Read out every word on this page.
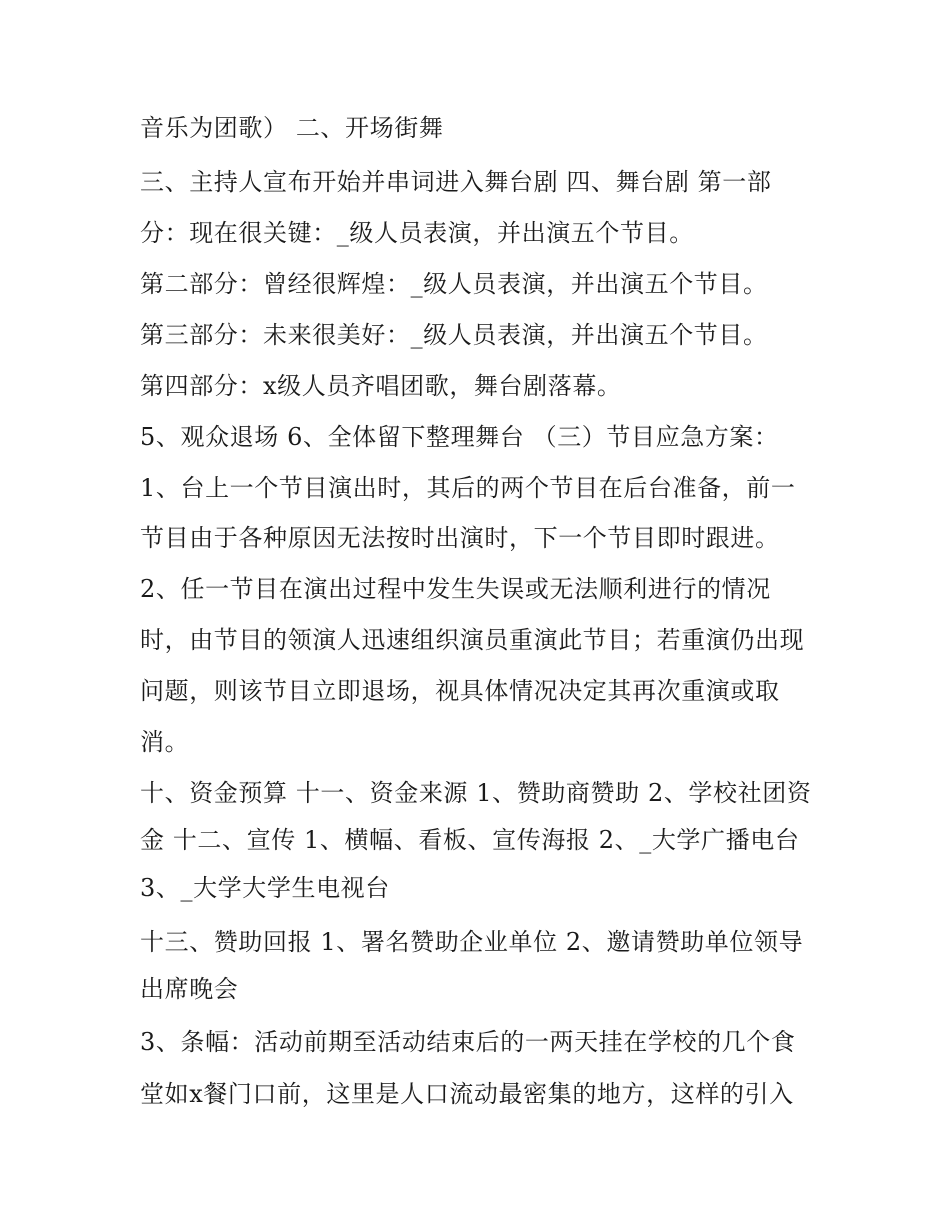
音乐为团歌） 二、开场街舞
三、主持人宣布开始并串词进入舞台剧 四、舞台剧 第一部
分：现在很关键：_级人员表演，并出演五个节目。
第二部分：曾经很辉煌：_级人员表演，并出演五个节目。
第三部分：未来很美好：_级人员表演，并出演五个节目。
第四部分：x级人员齐唱团歌，舞台剧落幕。
5、观众退场 6、全体留下整理舞台 （三）节目应急方案：
1、台上一个节目演出时，其后的两个节目在后台准备，前一
节目由于各种原因无法按时出演时，下一个节目即时跟进。
2、任一节目在演出过程中发生失误或无法顺利进行的情况
时，由节目的领演人迅速组织演员重演此节目；若重演仍出现
问题，则该节目立即退场，视具体情况决定其再次重演或取
消。
十、资金预算 十一、资金来源 1、赞助商赞助 2、学校社团资
金 十二、宣传 1、横幅、看板、宣传海报 2、_大学广播电台
3、_大学大学生电视台
十三、赞助回报 1、署名赞助企业单位 2、邀请赞助单位领导
出席晚会
3、条幅：活动前期至活动结束后的一两天挂在学校的几个食
堂如x餐门口前，这里是人口流动最密集的地方，这样的引入
